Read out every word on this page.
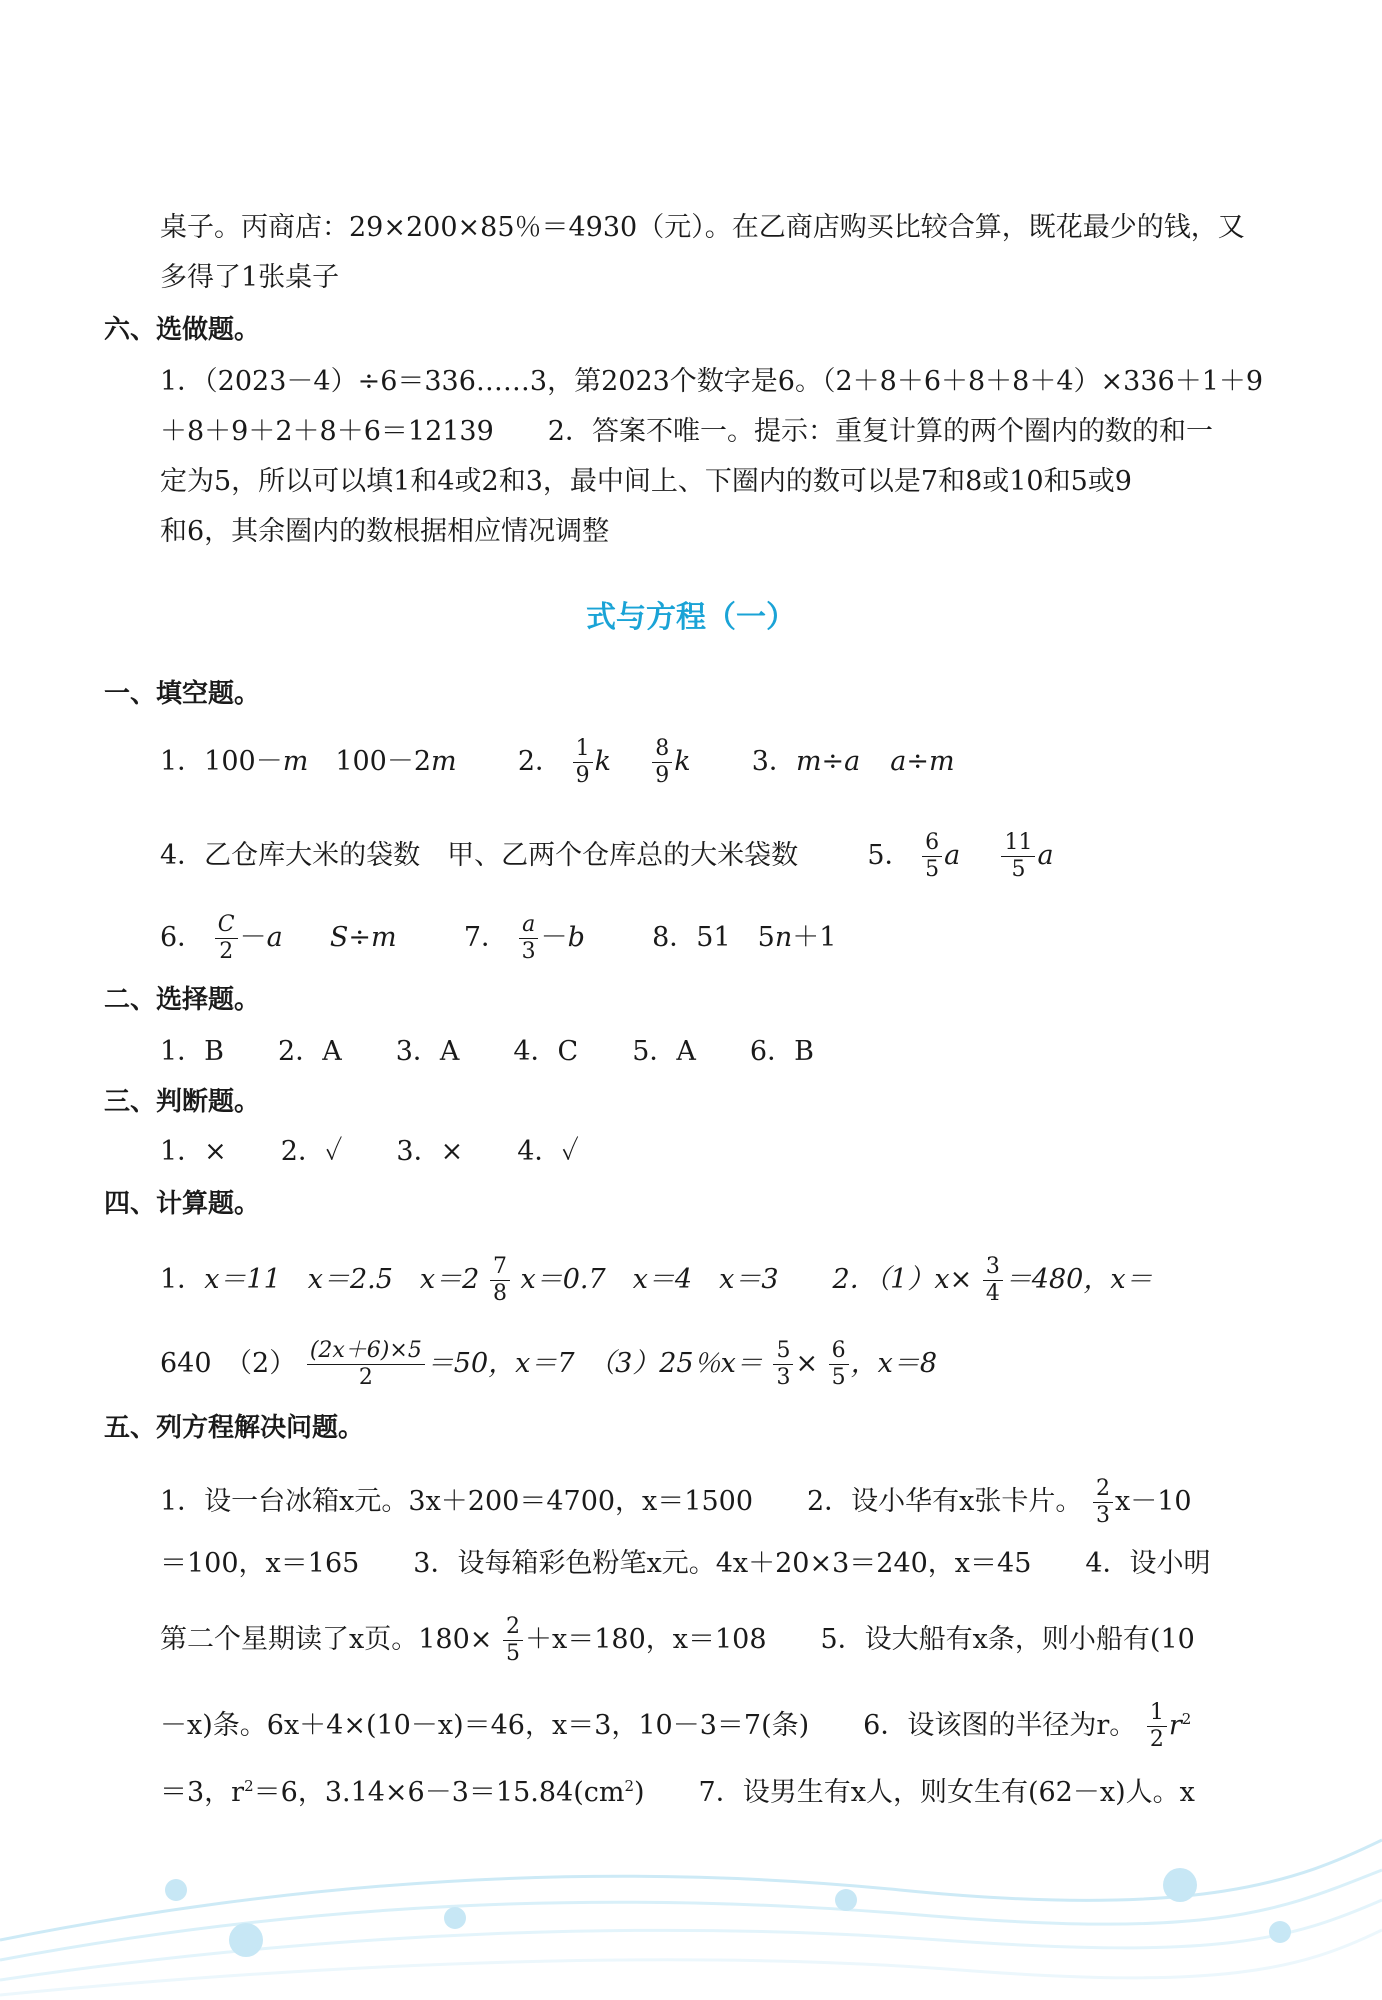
桌子。丙商店：29×200×85％＝4930（元）。在乙商店购买比较合算，既花最少的钱，又
多得了1张桌子
六、选做题。
1．（2023－4）÷6＝336……3，第2023个数字是6。（2＋8＋6＋8＋8＋4）×336＋1＋9
＋8＋9＋2＋8＋6＝12139　　2．答案不唯一。提示：重复计算的两个圈内的数的和一
定为5，所以可以填1和4或2和3，最中间上、下圈内的数可以是7和8或10和5或9
和6，其余圈内的数根据相应情况调整
式与方程（一）
一、填空题。
1．100－m　100－2m 2． $\frac{1}{9}$ k $\frac{8}{9}$ k 3．m÷a a÷m
4．乙仓库大米的袋数　甲、乙两个仓库总的大米袋数	5． $\frac{6}{5}$ a $\frac{11}{5}$ a
6． $\frac{C}{2} -a$ S÷m 7． $\frac{a}{3} -b$ 8．51　5n＋1
二、选择题。
1．B　　2．A　　3．A　　4．C　　5．A　　6．B
三、判断题。
1．×　　2．✓　　3．×　　4．✓
四、计算题。
1．x＝11　x＝2.5　$x=2 \frac{7}{8} x=0.7$　x＝4　x＝3　　2．$(1)x\times \frac{3}{4} =480$，x＝
640　$(2) \frac{(2x+6)\times 5}{2} =50$，x＝7　（3）25％$x= \frac{5}{3} \times \frac{6}{5}$ ，x＝8
五、列方程解决问题。
1．设一台冰箱x元。3x＋200＝4700，x＝1500　　2．设小华有x张卡片。 $\frac{2}{3} x-10$
＝100，x＝165　　3．设每箱彩色粉笔x元。4x＋20×3＝240，x＝45　　4．设小明
第二个星期读了x页。$180\times \frac{2}{5} +x=180$，x＝108　　5．设大船有x条，则小船有(10
－x)条。6x＋4×(10－x)＝46，x＝3，10－3＝7(条)　　6．设该图的半径为r。 $\frac{1}{2} r^2$
＝3，$r^2=6$，$3.14\times 6-3=15.84(cm^2)$　　7．设男生有x人，则女生有(62－x)人。x
